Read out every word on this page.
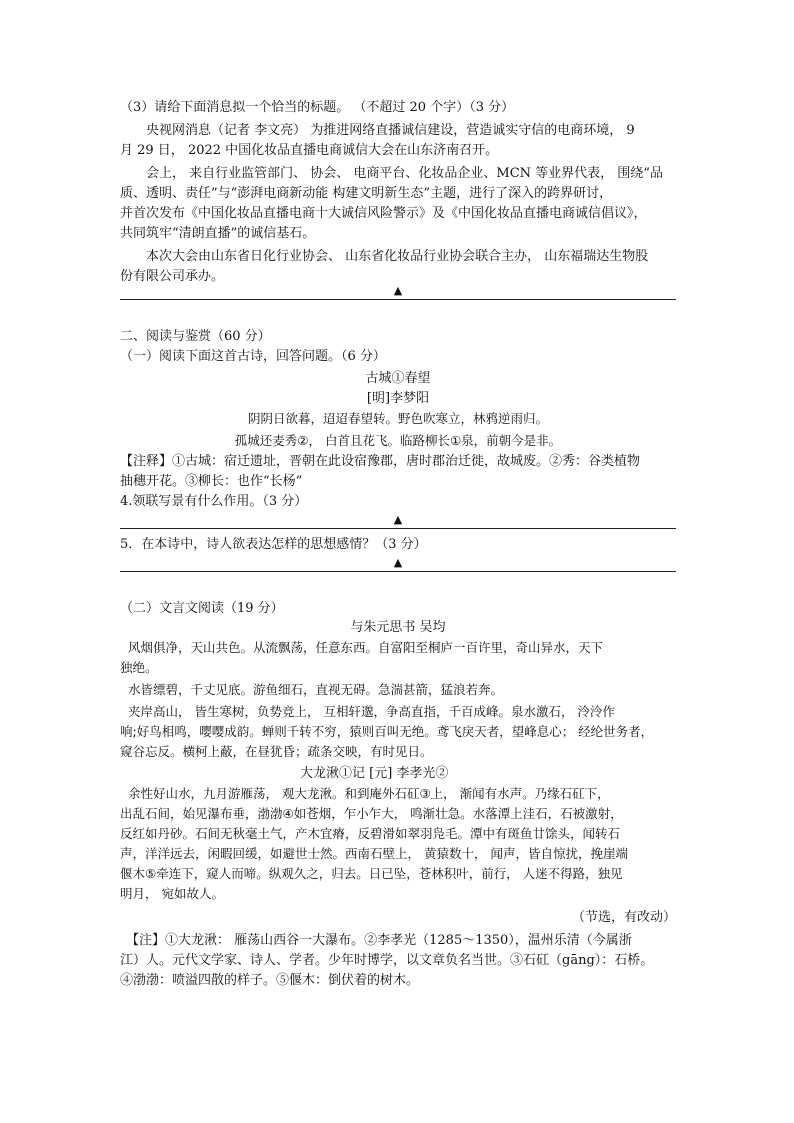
（3）请给下面消息拟一个恰当的标题。 （不超过 20 个字）（3 分）
央视网消息（记者 李文亮） 为推进网络直播诚信建设，营造诚实守信的电商环境， 9
月 29 日， 2022 中国化妆品直播电商诚信大会在山东济南召开。
会上， 来自行业监管部门、 协会、 电商平台、化妆品企业、MCN 等业界代表， 围绕“品
质、透明、责任”与“澎湃电商新动能 构建文明新生态”主题，进行了深入的跨界研讨，
并首次发布《中国化妆品直播电商十大诚信风险警示》及《中国化妆品直播电商诚信倡议》，
共同筑牢“清朗直播”的诚信基石。
本次大会由山东省日化行业协会、 山东省化妆品行业协会联合主办， 山东福瑞达生物股
份有限公司承办。
▲
二、阅读与鉴赏（60 分）
（一）阅读下面这首古诗，回答问题。（6 分）
古城①春望
[明]李梦阳
阴阴日欲暮，迢迢春望转。野色吹寒立，林鸦逆雨归。
孤城还麦秀②， 白首且花飞。临路柳长①泉，前朝今是非。
【注释】①古城：宿迁遗址，晋朝在此设宿豫郡，唐时郡治迁徙，故城废。②秀：谷类植物
抽穗开花。③柳长：也作“长杨”
4.领联写景有什么作用。（3 分）
▲
5．在本诗中，诗人欲表达怎样的思想感情？（3 分）
▲
（二）文言文阅读（19 分）
与朱元思书 吴均
风烟俱净，天山共色。从流飘荡，任意东西。自富阳至桐庐一百许里，奇山异水，天下
独绝。
水皆缥碧，千丈见底。游鱼细石，直视无碍。急湍甚箭，猛浪若奔。
夹岸高山， 皆生寒树，负势竞上， 互相轩邈，争高直指，千百成峰。泉水激石， 泠泠作
响;好鸟相鸣，嘤嘤成韵。蝉则千转不穷，猿则百叫无绝。鸢飞戾天者，望峰息心； 经纶世务者，
窥谷忘反。横柯上蔽，在昼犹昏；疏条交映，有时见日。
大龙湫①记 [元] 李孝光②
余性好山水，九月游雁荡， 观大龙湫。和到庵外石矼③上， 渐闻有水声。乃缘石矼下，
出乱石间，始见瀑布垂，渤渤④如苍烟，乍小乍大， 鸣渐壮急。水落潭上洼石，石被激射，
反红如丹砂。石间无秋毫土气，产木宜瘠，反碧滑如翠羽凫毛。潭中有斑鱼廿馀头，闻转石
声，洋洋远去，闲暇回缓，如避世士然。西南石壁上， 黄猿数十， 闻声，皆自惊扰，挽崖端
偃木⑤牵连下，窥人而啼。纵观久之，归去。日已坠，苍林积叶，前行， 人迷不得路，独见
明月， 宛如故人。
（节选，有改动）
【注】①大龙湫： 雁荡山西谷一大瀑布。②李孝光（1285～1350），温州乐清（今属浙
江）人。元代文学家、诗人、学者。少年时博学，以文章负名当世。③石矼（gāng）：石桥。
④渤渤：喷溢四散的样子。⑤偃木：倒伏着的树木。
